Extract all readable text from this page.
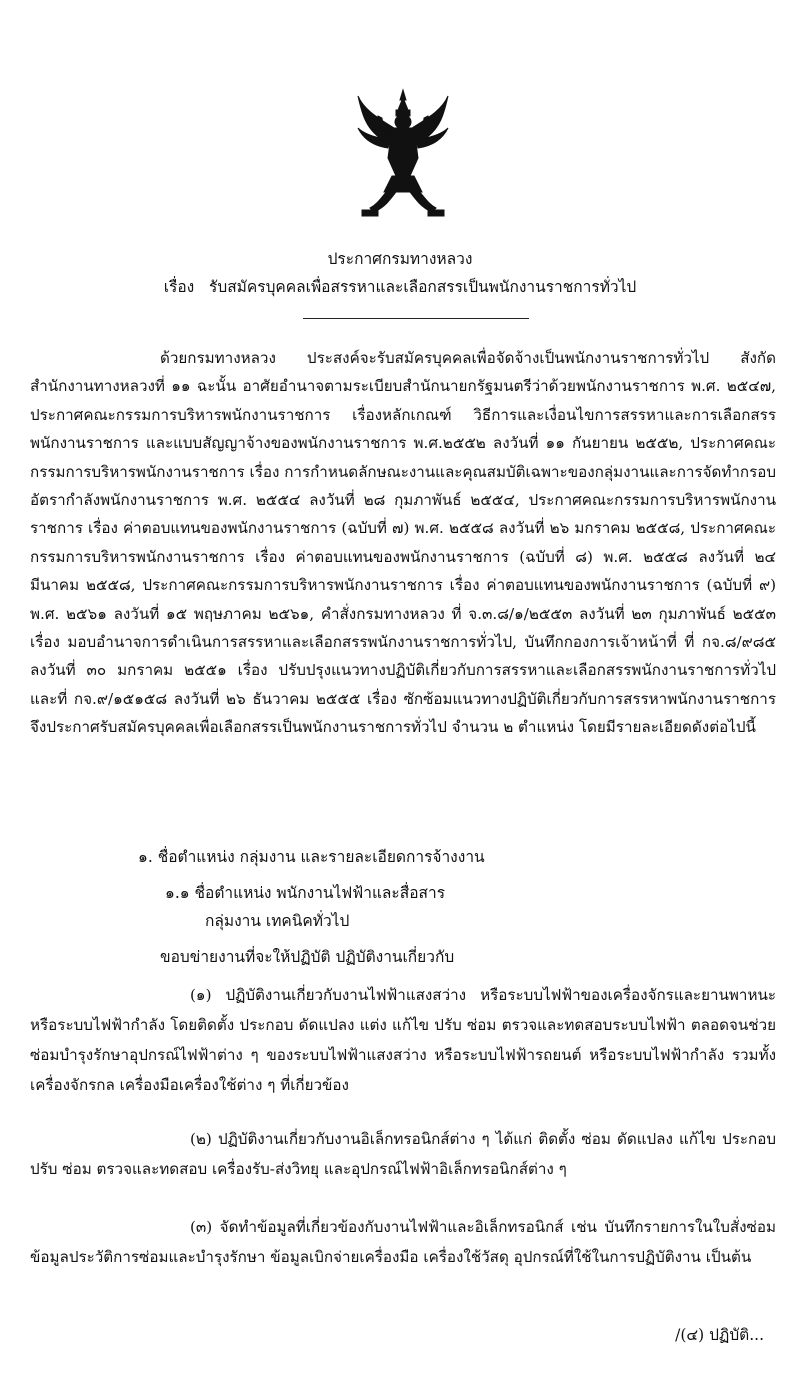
ประกาศกรมทางหลวง
เรื่อง รับสมัครบุคคลเพื่อสรรหาและเลือกสรรเป็นพนักงานราชการทั่วไป
ด้วยกรมทางหลวง ประสงค์จะรับสมัครบุคคลเพื่อจัดจ้างเป็นพนักงานราชการทั่วไป สังกัดสำนักงานทางหลวงที่ ๑๑ ฉะนั้น อาศัยอำนาจตามระเบียบสำนักนายกรัฐมนตรีว่าด้วยพนักงานราชการ พ.ศ. ๒๕๔๗, ประกาศคณะกรรมการบริหารพนักงานราชการ เรื่องหลักเกณฑ์ วิธีการและเงื่อนไขการสรรหาและการเลือกสรรพนักงานราชการ และแบบสัญญาจ้างของพนักงานราชการ พ.ศ.๒๕๕๒ ลงวันที่ ๑๑ กันยายน ๒๕๕๒, ประกาศคณะกรรมการบริหารพนักงานราชการ เรื่อง การกำหนดลักษณะงานและคุณสมบัติเฉพาะของกลุ่มงานและการจัดทำกรอบอัตรากำลังพนักงานราชการ พ.ศ. ๒๕๕๔ ลงวันที่ ๒๘ กุมภาพันธ์ ๒๕๕๔, ประกาศคณะกรรมการบริหารพนักงานราชการ เรื่อง ค่าตอบแทนของพนักงานราชการ (ฉบับที่ ๗) พ.ศ. ๒๕๕๘ ลงวันที่ ๒๖ มกราคม ๒๕๕๘, ประกาศคณะกรรมการบริหารพนักงานราชการ เรื่อง ค่าตอบแทนของพนักงานราชการ (ฉบับที่ ๘) พ.ศ. ๒๕๕๘ ลงวันที่ ๒๔ มีนาคม ๒๕๕๘, ประกาศคณะกรรมการบริหารพนักงานราชการ เรื่อง ค่าตอบแทนของพนักงานราชการ (ฉบับที่ ๙) พ.ศ. ๒๕๖๑ ลงวันที่ ๑๕ พฤษภาคม ๒๕๖๑, คำสั่งกรมทางหลวง ที่ จ.๓.๘/๑/๒๕๕๓ ลงวันที่ ๒๓ กุมภาพันธ์ ๒๕๕๓ เรื่อง มอบอำนาจการดำเนินการสรรหาและเลือกสรรพนักงานราชการทั่วไป, บันทึกกองการเจ้าหน้าที่ ที่ กจ.๘/๙๘๕ ลงวันที่ ๓๐ มกราคม ๒๕๕๑ เรื่อง ปรับปรุงแนวทางปฏิบัติเกี่ยวกับการสรรหาและเลือกสรรพนักงานราชการทั่วไป และที่ กจ.๙/๑๕๑๕๘ ลงวันที่ ๒๖ ธันวาคม ๒๕๕๕ เรื่อง ซักซ้อมแนวทางปฏิบัติเกี่ยวกับการสรรหาพนักงานราชการ จึงประกาศรับสมัครบุคคลเพื่อเลือกสรรเป็นพนักงานราชการทั่วไป จำนวน ๒ ตำแหน่ง โดยมีรายละเอียดดังต่อไปนี้
๑. ชื่อตำแหน่ง กลุ่มงาน และรายละเอียดการจ้างงาน
๑.๑ ชื่อตำแหน่ง พนักงานไฟฟ้าและสื่อสาร
กลุ่มงาน เทคนิคทั่วไป
ขอบข่ายงานที่จะให้ปฏิบัติ ปฏิบัติงานเกี่ยวกับ
(๑) ปฏิบัติงานเกี่ยวกับงานไฟฟ้าแสงสว่าง หรือระบบไฟฟ้าของเครื่องจักรและยานพาหนะ หรือระบบไฟฟ้ากำลัง โดยติดตั้ง ประกอบ ดัดแปลง แต่ง แก้ไข ปรับ ซ่อม ตรวจและทดสอบระบบไฟฟ้า ตลอดจนช่วยซ่อมบำรุงรักษาอุปกรณ์ไฟฟ้าต่าง ๆ ของระบบไฟฟ้าแสงสว่าง หรือระบบไฟฟ้ารถยนต์ หรือระบบไฟฟ้ากำลัง รวมทั้งเครื่องจักรกล เครื่องมือเครื่องใช้ต่าง ๆ ที่เกี่ยวข้อง
(๒) ปฏิบัติงานเกี่ยวกับงานอิเล็กทรอนิกส์ต่าง ๆ ได้แก่ ติดตั้ง ซ่อม ดัดแปลง แก้ไข ประกอบ ปรับ ซ่อม ตรวจและทดสอบ เครื่องรับ-ส่งวิทยุ และอุปกรณ์ไฟฟ้าอิเล็กทรอนิกส์ต่าง ๆ
(๓) จัดทำข้อมูลที่เกี่ยวข้องกับงานไฟฟ้าและอิเล็กทรอนิกส์ เช่น บันทึกรายการในใบสั่งซ่อม ข้อมูลประวัติการซ่อมและบำรุงรักษา ข้อมูลเบิกจ่ายเครื่องมือ เครื่องใช้วัสดุ อุปกรณ์ที่ใช้ในการปฏิบัติงาน เป็นต้น
/(๔) ปฏิบัติ...
